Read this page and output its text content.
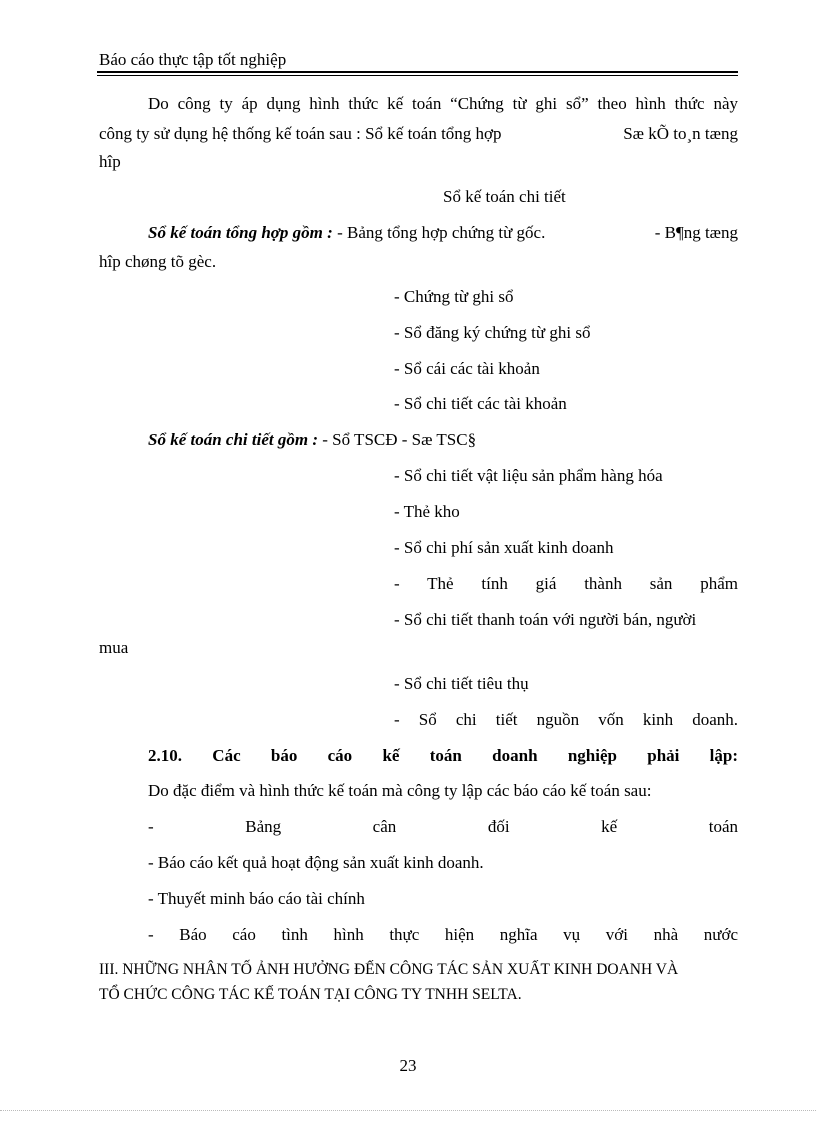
Báo cáo thực tập tốt nghiệp
Do công ty áp dụng hình thức kế toán “Chứng từ ghi sổ” theo hình thức này
công ty sử dụng hệ thống kế toán sau : Sổ kế toán tổng hợp	Sæ kÕ to¸n tæng
hîp
Sổ kế toán chi tiết
Sổ kế toán tổng hợp gồm : - Bảng tổng hợp chứng từ gốc.	- B¶ng tæng
hîp chøng tõ gèc.
- Chứng từ ghi sổ
- Sổ đăng ký chứng từ ghi sổ
- Sổ cái các tài khoản
- Sổ chi tiết các tài khoản
Sổ kế toán chi tiết gồm : - Sổ TSCĐ - Sæ TSC§
- Sổ chi tiết vật liệu sản phẩm hàng hóa
- Thẻ kho
- Sổ chi phí sản xuất kinh doanh
- Thẻ tính giá thành sản phẩm
- Sổ chi tiết thanh toán với người bán, người
mua
- Sổ chi tiết tiêu thụ
- Sổ chi tiết nguồn vốn kinh doanh.
2.10. Các báo cáo kế toán doanh nghiệp phải lập:
Do đặc điểm và hình thức kế toán mà công ty lập các báo cáo kế toán sau:
- Bảng cân đối kế toán
- Báo cáo kết quả hoạt động sản xuất kinh doanh.
- Thuyết minh báo cáo tài chính
- Báo cáo tình hình thực hiện nghĩa vụ với nhà nước
III. NHỮNG NHÂN TỐ ẢNH HƯỞNG ĐẾN CÔNG TÁC SẢN XUẤT KINH DOANH VÀ
TỔ CHỨC CÔNG TÁC KẾ TOÁN TẠI CÔNG TY TNHH SELTA.
23
